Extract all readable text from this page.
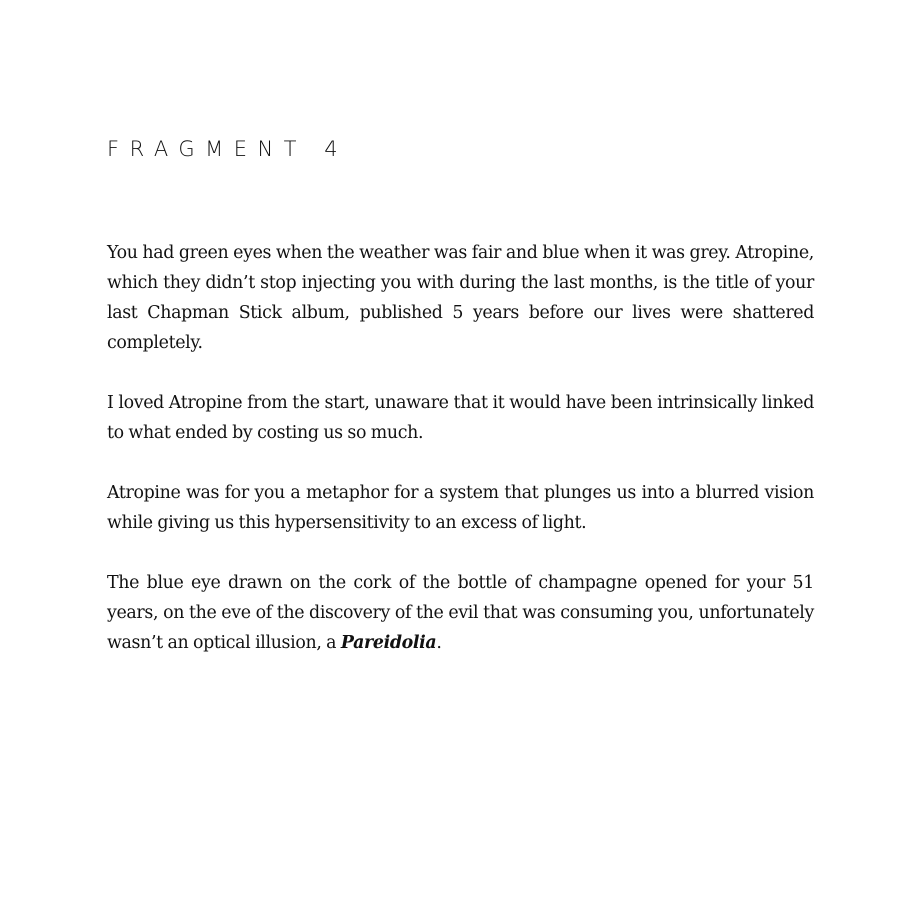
FRAGMENT 4

You had green eyes when the weather was fair and blue when it was grey. Atropine, which they didn’t stop injecting you with during the last months, is the title of your last Chapman Stick album, published 5 years before our lives were shattered completely.

I loved Atropine from the start, unaware that it would have been intrinsically linked to what ended by costing us so much.

Atropine was for you a metaphor for a system that plunges us into a blurred vision while giving us this hypersensitivity to an excess of light.

The blue eye drawn on the cork of the bottle of champagne opened for your 51 years, on the eve of the discovery of the evil that was consuming you, unfortunately wasn’t an optical illusion, a Pareidolia.
